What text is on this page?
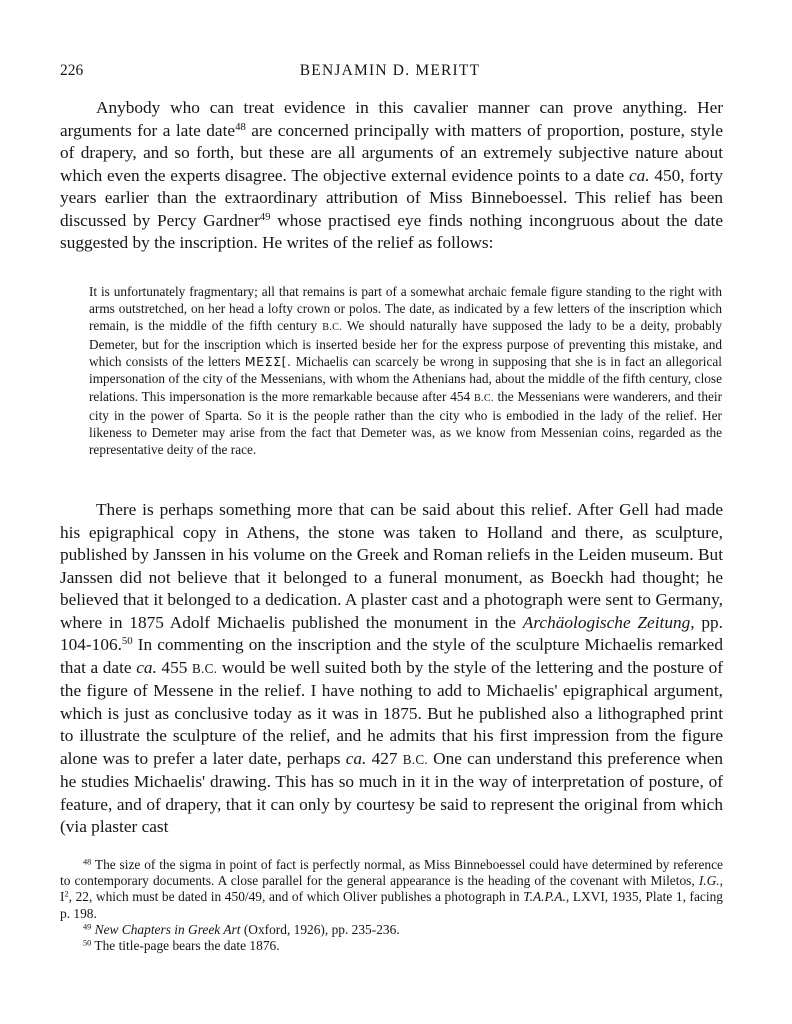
226	BENJAMIN D. MERITT

Anybody who can treat evidence in this cavalier manner can prove anything. Her arguments for a late date$^{48}$ are concerned principally with matters of proportion, posture, style of drapery, and so forth, but these are all arguments of an extremely subjective nature about which even the experts disagree. The objective external evidence points to a date ca. 450, forty years earlier than the extraordinary attribution of Miss Binneboessel. This relief has been discussed by Percy Gardner$^{49}$ whose practised eye finds nothing incongruous about the date suggested by the inscription. He writes of the relief as follows:

It is unfortunately fragmentary; all that remains is part of a somewhat archaic female figure standing to the right with arms outstretched, on her head a lofty crown or polos. The date, as indicated by a few letters of the inscription which remain, is the middle of the fifth century B.C. We should naturally have supposed the lady to be a deity, probably Demeter, but for the inscription which is inserted beside her for the express purpose of preventing this mistake, and which consists of the letters ΜΕΣΣ[. Michaelis can scarcely be wrong in supposing that she is in fact an allegorical impersonation of the city of the Messenians, with whom the Athenians had, about the middle of the fifth century, close relations. This impersonation is the more remarkable because after 454 B.C. the Messenians were wanderers, and their city in the power of Sparta. So it is the people rather than the city who is embodied in the lady of the relief. Her likeness to Demeter may arise from the fact that Demeter was, as we know from Messenian coins, regarded as the representative deity of the race.

There is perhaps something more that can be said about this relief. After Gell had made his epigraphical copy in Athens, the stone was taken to Holland and there, as sculpture, published by Janssen in his volume on the Greek and Roman reliefs in the Leiden museum. But Janssen did not believe that it belonged to a funeral monument, as Boeckh had thought; he believed that it belonged to a dedication. A plaster cast and a photograph were sent to Germany, where in 1875 Adolf Michaelis published the monument in the Archäologische Zeitung, pp. 104-106.50 In commenting on the inscription and the style of the sculpture Michaelis remarked that a date ca. 455 B.C. would be well suited both by the style of the lettering and the posture of the figure of Messene in the relief. I have nothing to add to Michaelis' epigraphical argument, which is just as conclusive today as it was in 1875. But he published also a lithographed print to illustrate the sculpture of the relief, and he admits that his first impression from the figure alone was to prefer a later date, perhaps ca. 427 B.C. One can understand this preference when he studies Michaelis' drawing. This has so much in it in the way of interpretation of posture, of feature, and of drapery, that it can only by courtesy be said to represent the original from which (via plaster cast

$^{48}$ The size of the sigma in point of fact is perfectly normal, as Miss Binneboessel could have determined by reference to contemporary documents. A close parallel for the general appearance is the heading of the covenant with Miletos, I.G., $I^2$, 22, which must be dated in 450/49, and of which Oliver publishes a photograph in T.A.P.A., LXVI, 1935, Plate 1, facing p. 198.

$^{49}$ New Chapters in Greek Art (Oxford, 1926), pp. 235-236.

$^{50}$ The title-page bears the date 1876.
